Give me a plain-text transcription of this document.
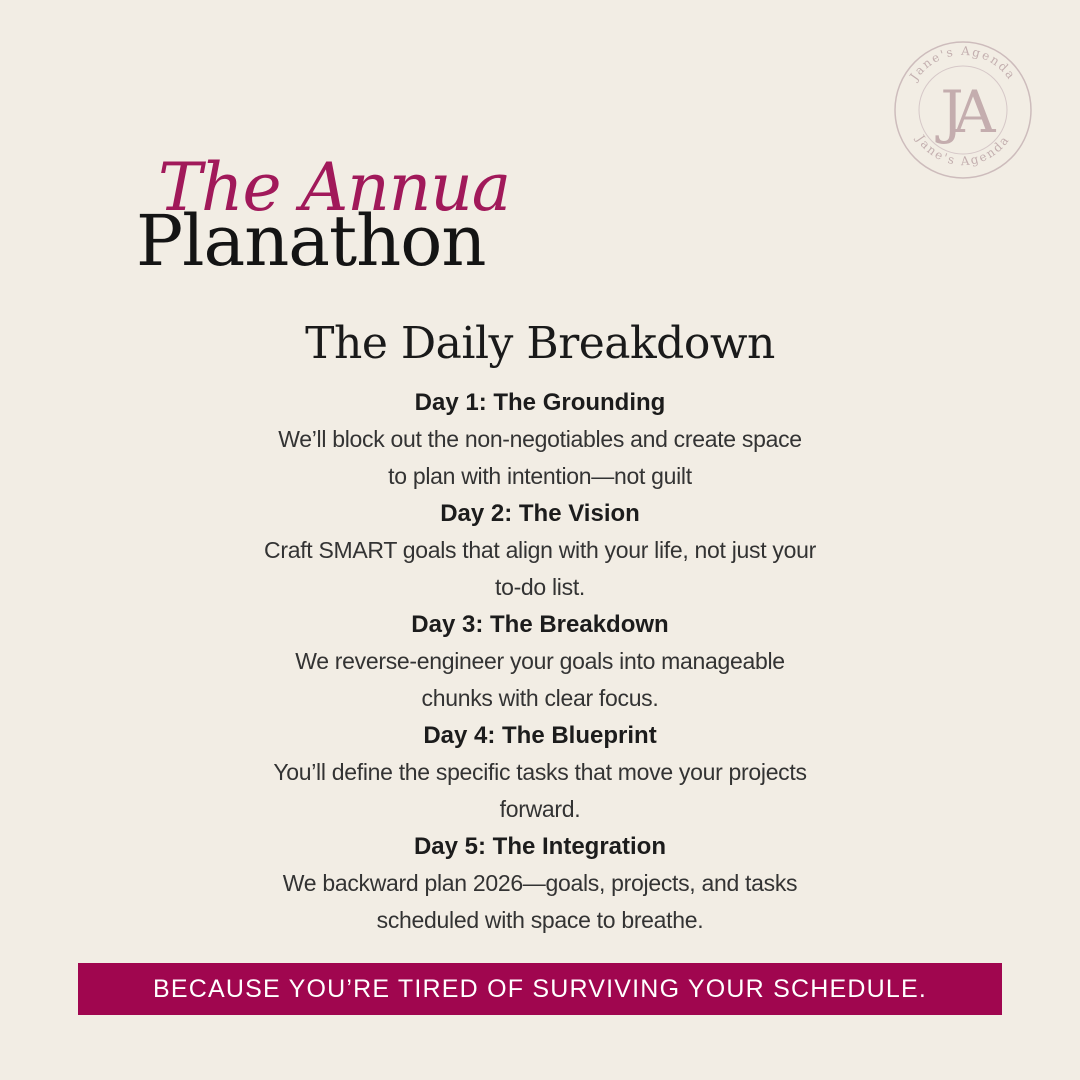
Jane's Agenda
Jane's Agenda
JA
The Annual
Planathon
The Daily Breakdown
Day 1: The Grounding
We’ll block out the non-negotiables and create space
to plan with intention—not guilt
Day 2: The Vision
Craft SMART goals that align with your life, not just your
to-do list.
Day 3: The Breakdown
We reverse-engineer your goals into manageable
chunks with clear focus.
Day 4: The Blueprint
You’ll define the specific tasks that move your projects
forward.
Day 5: The Integration
We backward plan 2026—goals, projects, and tasks
scheduled with space to breathe.
BECAUSE YOU’RE TIRED OF SURVIVING YOUR SCHEDULE.
